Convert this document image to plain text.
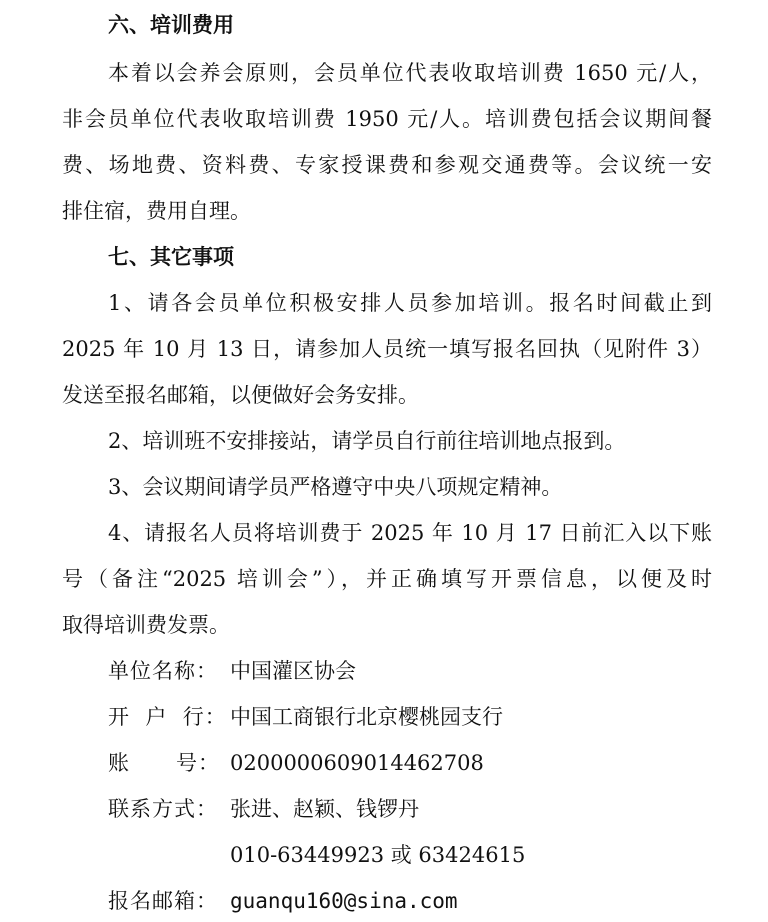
六、培训费用
本着以会养会原则，会员单位代表收取培训费 1650 元/人，
非会员单位代表收取培训费 1950 元/人。培训费包括会议期间餐
费、场地费、资料费、专家授课费和参观交通费等。会议统一安
排住宿，费用自理。
七、其它事项
1、请各会员单位积极安排人员参加培训。报名时间截止到
2025 年 10 月 13 日，请参加人员统一填写报名回执（见附件 3）
发送至报名邮箱，以便做好会务安排。
2、培训班不安排接站，请学员自行前往培训地点报到。
3、会议期间请学员严格遵守中央八项规定精神。
4、请报名人员将培训费于 2025 年 10 月 17 日前汇入以下账
号（备注“2025 培训会”），并正确填写开票信息，以便及时
取得培训费发票。
单位名称： 中国灌区协会
开  户  行： 中国工商银行北京樱桃园支行
账      号： 0200000609014462708
联系方式： 张进、赵颖、钱锣丹
010-63449923 或 63424615
报名邮箱： guanqu160@sina.com
